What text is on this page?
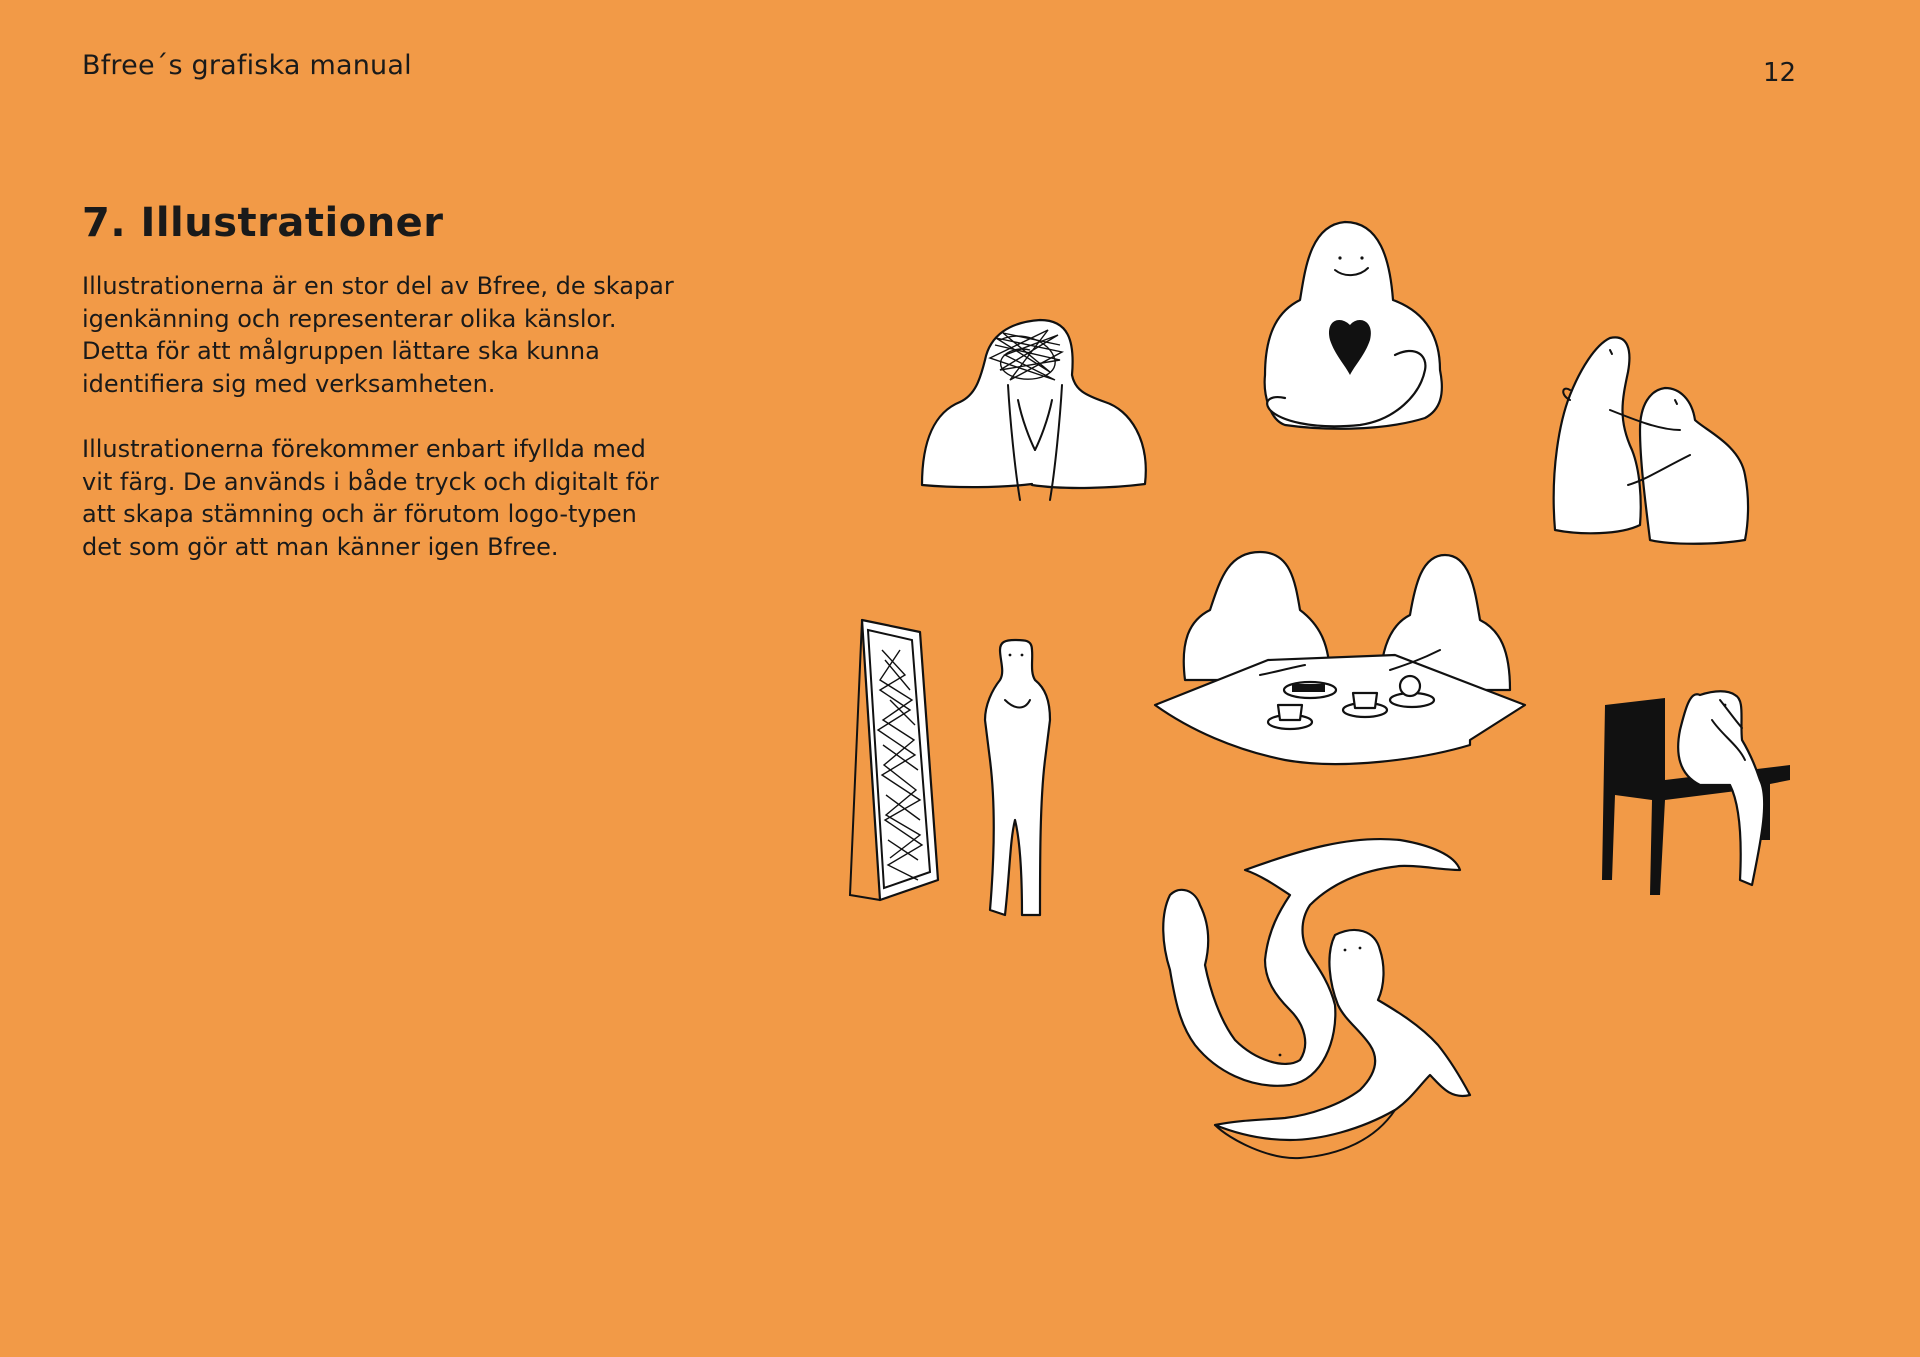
Bfree´s grafiska manual	12
7. Illustrationer

Illustrationerna är en stor del av Bfree, de skapar igenkänning och representerar olika känslor. Detta för att målgruppen lättare ska kunna identifiera sig med verksamheten.

Illustrationerna förekommer enbart ifyllda med vit färg. De används i både tryck och digitalt för att skapa stämning och är förutom logo-typen det som gör att man känner igen Bfree.
